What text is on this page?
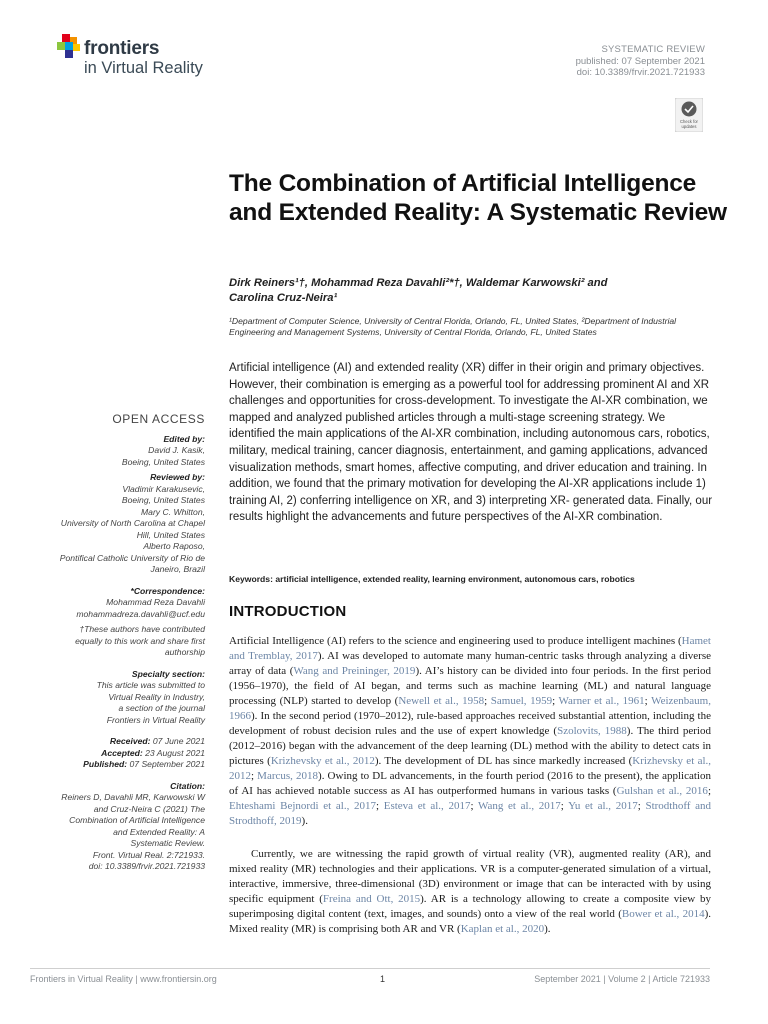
frontiers
in Virtual Reality
SYSTEMATIC REVIEW
published: 07 September 2021
doi: 10.3389/frvir.2021.721933
Check for
updates
The Combination of Artificial Intelligence and Extended Reality: A Systematic Review
Dirk Reiners¹†, Mohammad Reza Davahli²*†, Waldemar Karwowski² and
Carolina Cruz-Neira¹
¹Department of Computer Science, University of Central Florida, Orlando, FL, United States, ²Department of Industrial Engineering and Management Systems, University of Central Florida, Orlando, FL, United States
Artificial intelligence (AI) and extended reality (XR) differ in their origin and primary objectives. However, their combination is emerging as a powerful tool for addressing prominent AI and XR challenges and opportunities for cross-development. To investigate the AI-XR combination, we mapped and analyzed published articles through a multi-stage screening strategy. We identified the main applications of the AI-XR combination, including autonomous cars, robotics, military, medical training, cancer diagnosis, entertainment, and gaming applications, advanced visualization methods, smart homes, affective computing, and driver education and training. In addition, we found that the primary motivation for developing the AI-XR applications include 1) training AI, 2) conferring intelligence on XR, and 3) interpreting XR- generated data. Finally, our results highlight the advancements and future perspectives of the AI-XR combination.
Keywords: artificial intelligence, extended reality, learning environment, autonomous cars, robotics
INTRODUCTION
Artificial Intelligence (AI) refers to the science and engineering used to produce intelligent machines (Hamet and Tremblay, 2017). AI was developed to automate many human-centric tasks through analyzing a diverse array of data (Wang and Preininger, 2019). AI’s history can be divided into four periods. In the first period (1956–1970), the field of AI began, and terms such as machine learning (ML) and natural language processing (NLP) started to develop (Newell et al., 1958; Samuel, 1959; Warner et al., 1961; Weizenbaum, 1966). In the second period (1970–2012), rule-based approaches received substantial attention, including the development of robust decision rules and the use of expert knowledge (Szolovits, 1988). The third period (2012–2016) began with the advancement of the deep learning (DL) method with the ability to detect cats in pictures (Krizhevsky et al., 2012). The development of DL has since markedly increased (Krizhevsky et al., 2012; Marcus, 2018). Owing to DL advancements, in the fourth period (2016 to the present), the application of AI has achieved notable success as AI has outperformed humans in various tasks (Gulshan et al., 2016; Ehteshami Bejnordi et al., 2017; Esteva et al., 2017; Wang et al., 2017; Yu et al., 2017; Strodthoff and Strodthoff, 2019).
Currently, we are witnessing the rapid growth of virtual reality (VR), augmented reality (AR), and mixed reality (MR) technologies and their applications. VR is a computer-generated simulation of a virtual, interactive, immersive, three-dimensional (3D) environment or image that can be interacted with by using specific equipment (Freina and Ott, 2015). AR is a technology allowing to create a composite view by superimposing digital content (text, images, and sounds) onto a view of the real world (Bower et al., 2014). Mixed reality (MR) is comprising both AR and VR (Kaplan et al., 2020).
OPEN ACCESS
Edited by:
David J. Kasik,
Boeing, United States
Reviewed by:
Vladimir Karakusevic,
Boeing, United States
Mary C. Whitton,
University of North Carolina at Chapel
Hill, United States
Alberto Raposo,
Pontifical Catholic University of Rio de
Janeiro, Brazil
*Correspondence:
Mohammad Reza Davahli
mohammadreza.davahli@ucf.edu
†These authors have contributed
equally to this work and share first
authorship
Specialty section:
This article was submitted to
Virtual Reality in Industry,
a section of the journal
Frontiers in Virtual Reality
Received: 07 June 2021
Accepted: 23 August 2021
Published: 07 September 2021
Citation:
Reiners D, Davahli MR, Karwowski W
and Cruz-Neira C (2021) The
Combination of Artificial Intelligence
and Extended Reality: A
Systematic Review.
Front. Virtual Real. 2:721933.
doi: 10.3389/frvir.2021.721933
Frontiers in Virtual Reality | www.frontiersin.org	1	September 2021 | Volume 2 | Article 721933
